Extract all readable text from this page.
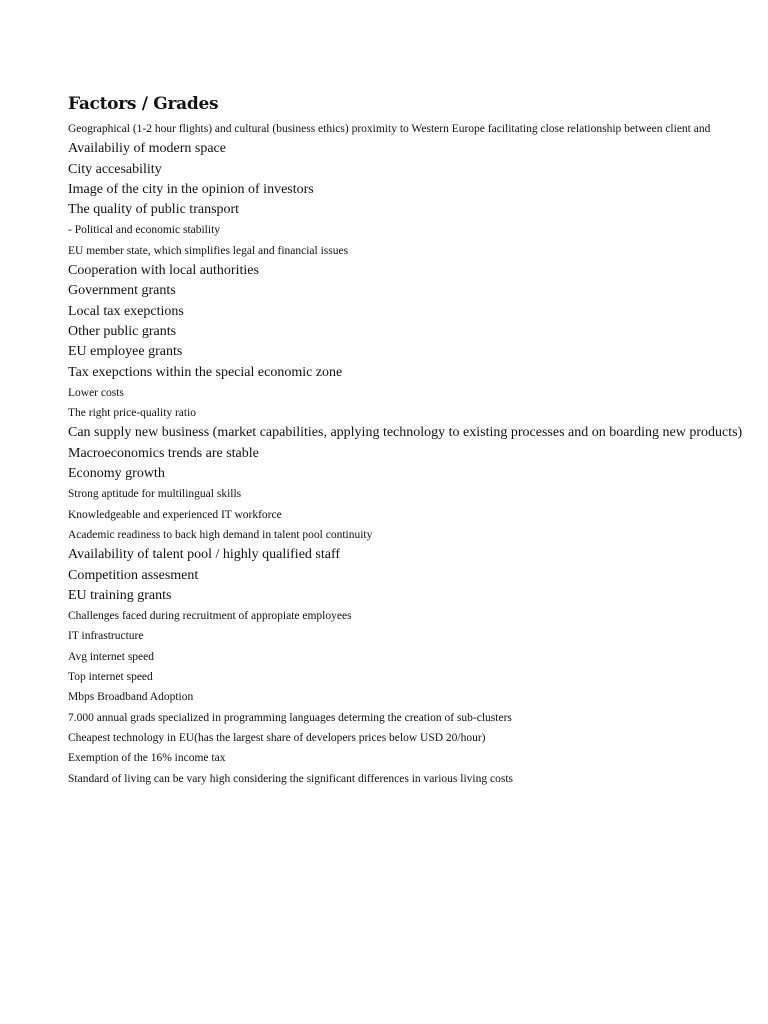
Factors / Grades
Geographical (1-2 hour flights) and cultural (business ethics) proximity to Western Europe facilitating close relationship between client and
Availabiliy of modern space
City accesability
Image of the city in the opinion of investors
The quality of public transport
- Political and economic stability
EU member state, which simplifies legal and financial issues
Cooperation with local authorities
Government grants
Local tax exepctions
Other public grants
EU employee grants
Tax exepctions within the special economic zone
Lower costs
The right price-quality ratio
Can supply new business (market capabilities, applying technology to existing processes and on boarding new products)
Macroeconomics trends are stable
Economy growth
Strong aptitude for multilingual skills
Knowledgeable and experienced IT workforce
Academic readiness to back high demand in talent pool continuity
Availability of talent pool / highly qualified staff
Competition assesment
EU training grants
Challenges faced during recruitment of appropiate employees
IT infrastructure
Avg internet speed
Top internet speed
Mbps Broadband Adoption
7.000 annual grads specialized in programming languages determing the creation of sub-clusters
Cheapest technology in EU(has the largest share of developers prices below USD 20/hour)
Exemption of the 16% income tax
Standard of living can be vary high considering the significant differences in various living costs
